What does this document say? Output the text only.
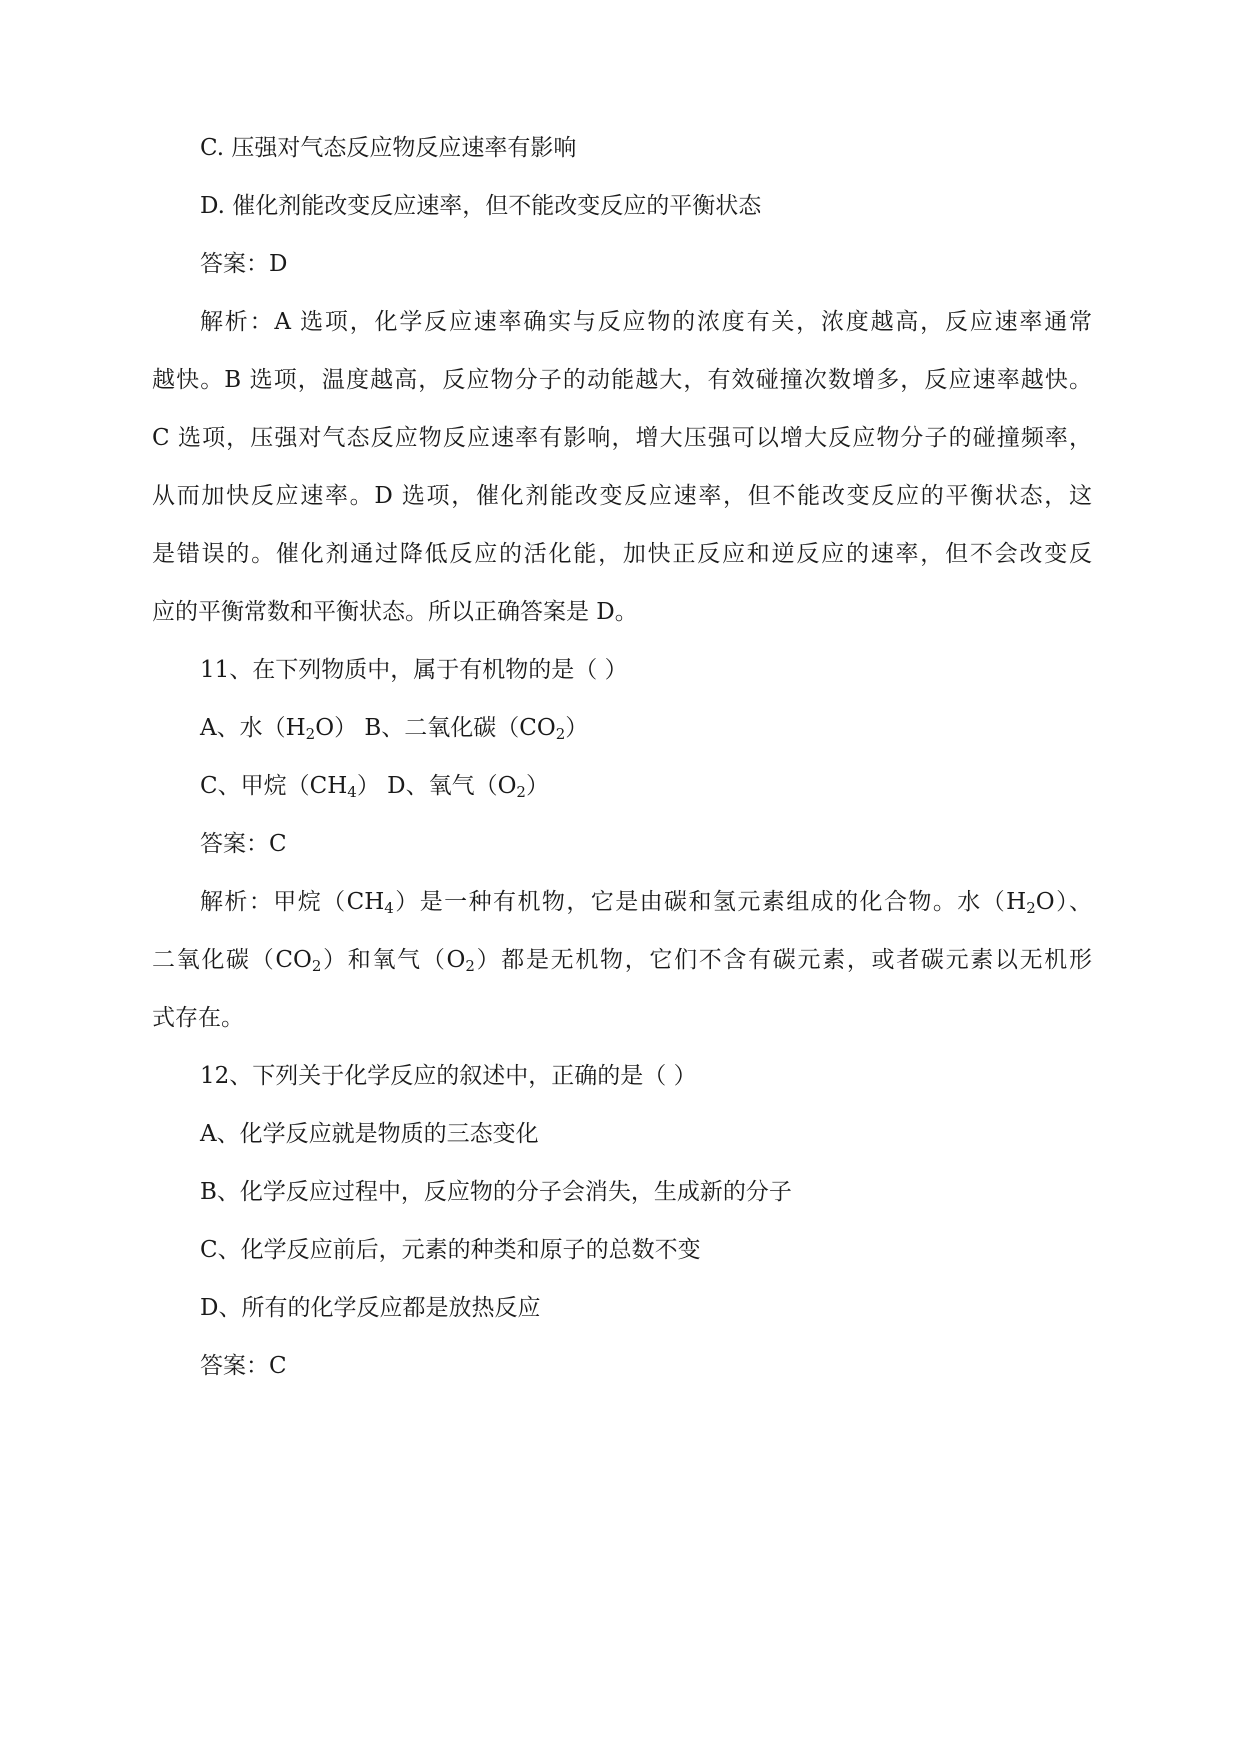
C. 压强对气态反应物反应速率有影响
D. 催化剂能改变反应速率，但不能改变反应的平衡状态
答案：D
解析：A 选项，化学反应速率确实与反应物的浓度有关，浓度越高，反应速率通常
越快。B 选项，温度越高，反应物分子的动能越大，有效碰撞次数增多，反应速率越快。
C 选项，压强对气态反应物反应速率有影响，增大压强可以增大反应物分子的碰撞频率，
从而加快反应速率。D 选项，催化剂能改变反应速率，但不能改变反应的平衡状态，这
是错误的。催化剂通过降低反应的活化能，加快正反应和逆反应的速率，但不会改变反
应的平衡常数和平衡状态。所以正确答案是 D。
11、在下列物质中，属于有机物的是（ ）
A、水$(H_2O)$ B、二氧化碳$(CO_2)$
C、甲烷$(CH_4)$ D、氧气$(O_2)$
答案：C
解析：甲烷$(CH_4)$是一种有机物，它是由碳和氢元素组成的化合物。水$(H_2O)$、
二氧化碳$(CO_2)$和氧气$(O_2)$都是无机物，它们不含有碳元素，或者碳元素以无机形
式存在。
12、下列关于化学反应的叙述中，正确的是（ ）
A、化学反应就是物质的三态变化
B、化学反应过程中，反应物的分子会消失，生成新的分子
C、化学反应前后，元素的种类和原子的总数不变
D、所有的化学反应都是放热反应
答案：C
